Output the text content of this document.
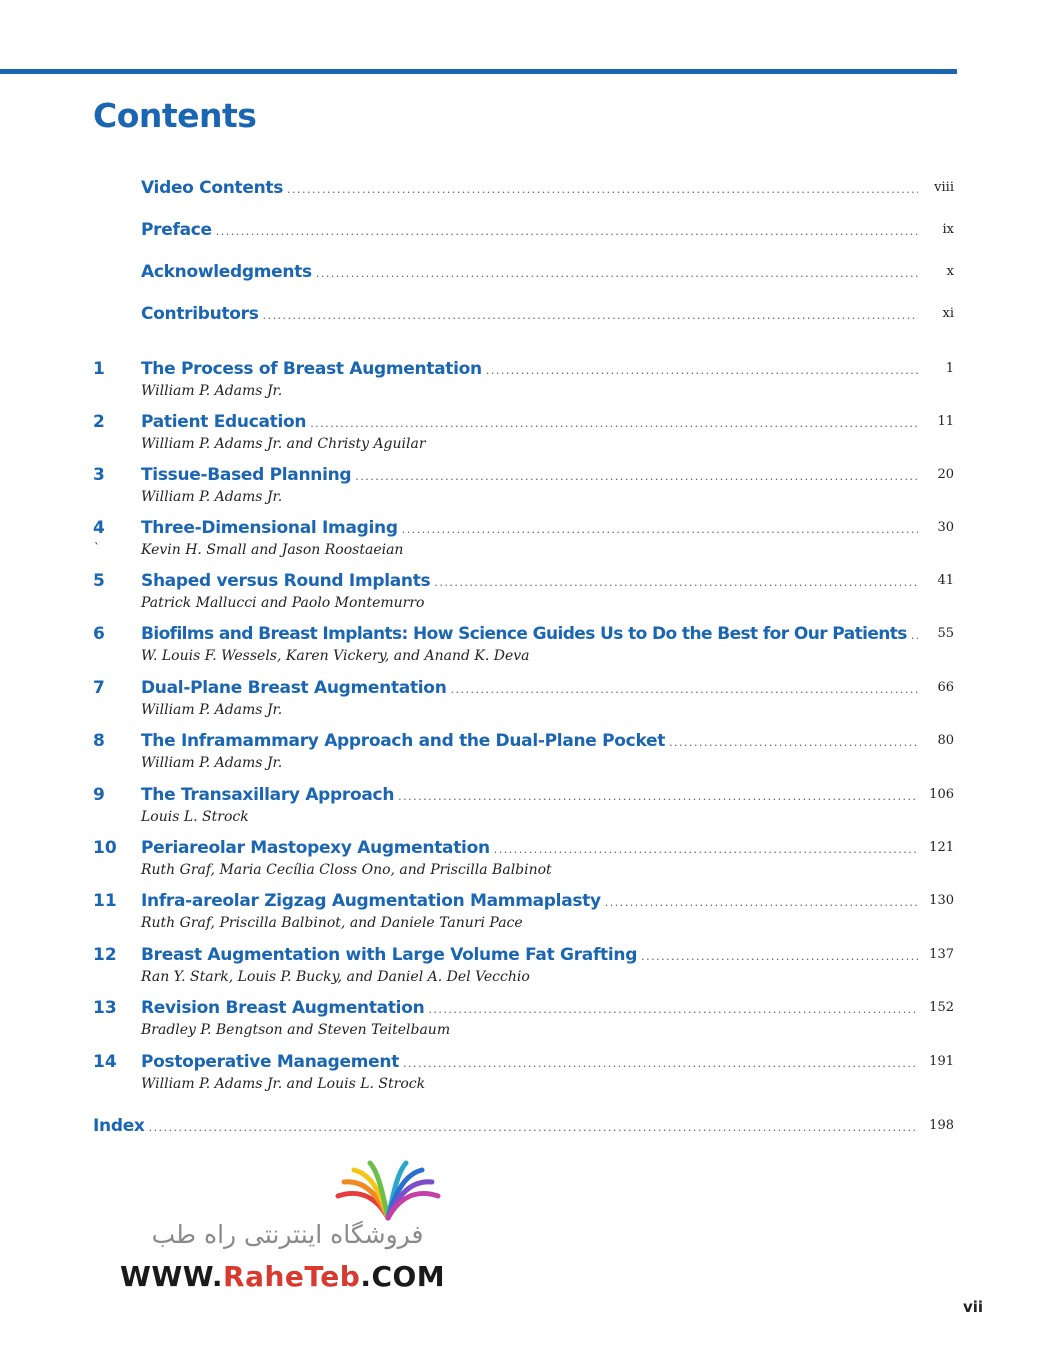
Contents
Video Contents . . .	viii
Preface . . .	ix
Acknowledgments . . .	x
Contributors . . .	xi
1 The Process of Breast Augmentation . . .	1
William P. Adams Jr.
2 Patient Education . . .	11
William P. Adams Jr. and Christy Aguilar
3 Tissue-Based Planning . . .	20
William P. Adams Jr.
4 Three-Dimensional Imaging . . .	30
Kevin H. Small and Jason Roostaeian
`
5 Shaped versus Round Implants . . .	41
Patrick Mallucci and Paolo Montemurro
6 Biofilms and Breast Implants: How Science Guides Us to Do the Best for Our Patients . . . 55
W. Louis F. Wessels, Karen Vickery, and Anand K. Deva
7 Dual-Plane Breast Augmentation . . .	66
William P. Adams Jr.
8 The Inframammary Approach and the Dual-Plane Pocket . . .	80
William P. Adams Jr.
9 The Transaxillary Approach . . .	106
Louis L. Strock
10 Periareolar Mastopexy Augmentation . . .	121
Ruth Graf, Maria Cecília Closs Ono, and Priscilla Balbinot
11 Infra-areolar Zigzag Augmentation Mammaplasty . . .	130
Ruth Graf, Priscilla Balbinot, and Daniele Tanuri Pace
12 Breast Augmentation with Large Volume Fat Grafting . . .	137
Ran Y. Stark, Louis P. Bucky, and Daniel A. Del Vecchio
13 Revision Breast Augmentation . . .	152
Bradley P. Bengtson and Steven Teitelbaum
14 Postoperative Management . . .	191
William P. Adams Jr. and Louis L. Strock
Index . . .	198
فروشگاه اینترنتی راه طب
WWW.RaheTeb.COM
vii
